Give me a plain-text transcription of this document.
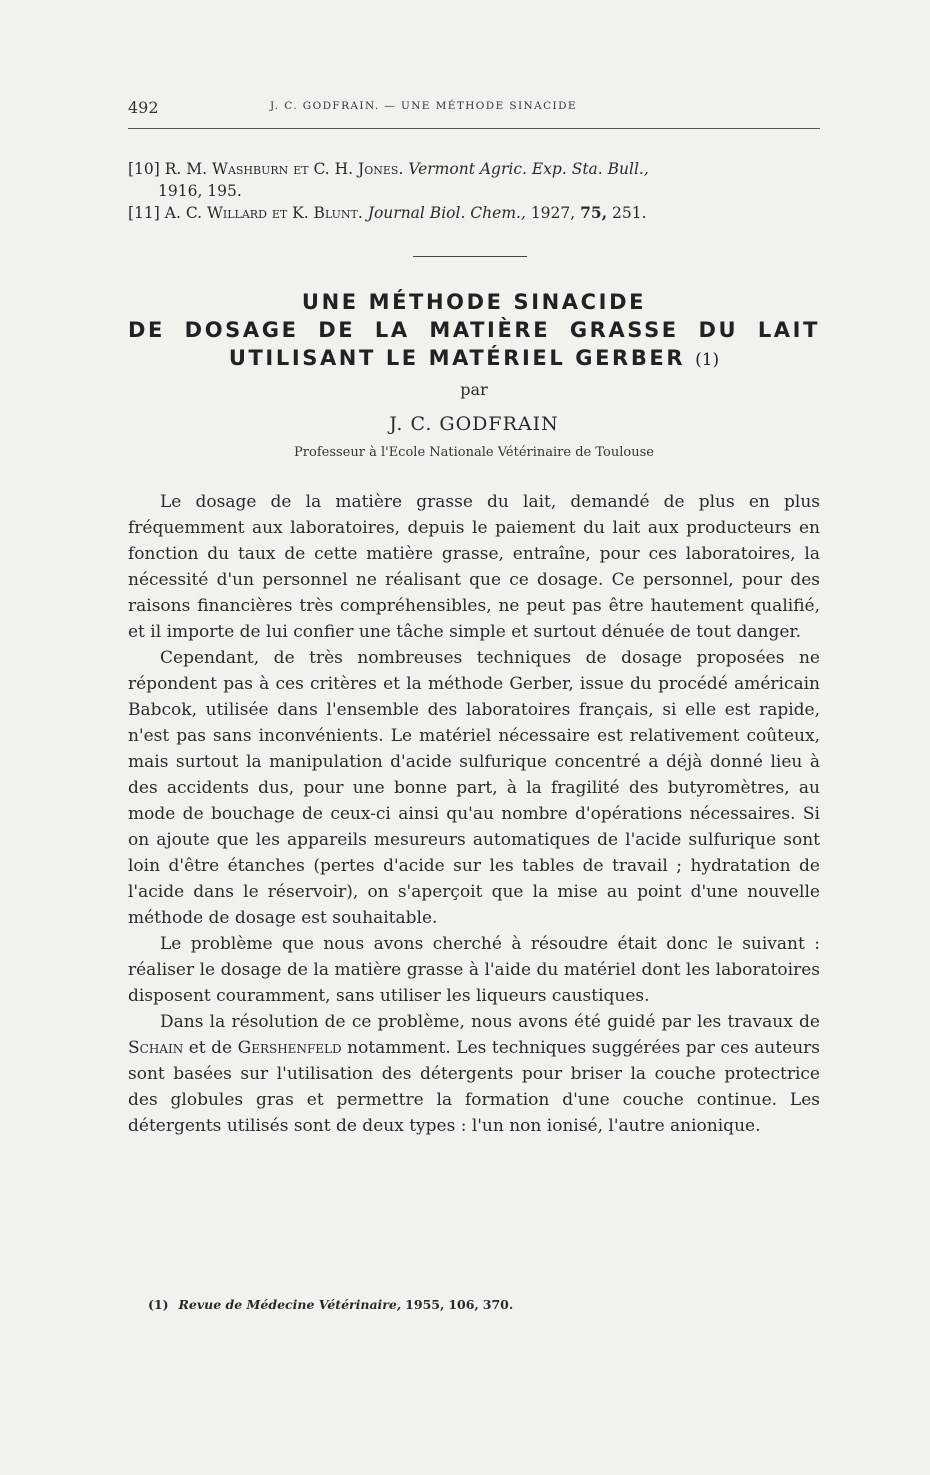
492	J. C. GODFRAIN. — UNE MÉTHODE SINACIDE

[10] R. M. Washburn et C. H. Jones. Vermont Agric. Exp. Sta. Bull.,
1916, 195.

[11] A. C. Willard et K. Blunt. Journal Biol. Chem., 1927, 75, 251.

UNE MÉTHODE SINACIDE
DE DOSAGE DE LA MATIÈRE GRASSE DU LAIT
UTILISANT LE MATÉRIEL GERBER (1)
par
J. C. GODFRAIN
Professeur à l'Ecole Nationale Vétérinaire de Toulouse

Le dosage de la matière grasse du lait, demandé de plus en plus fréquemment aux laboratoires, depuis le paiement du lait aux producteurs en fonction du taux de cette matière grasse, entraîne, pour ces laboratoires, la nécessité d'un personnel ne réalisant que ce dosage. Ce personnel, pour des raisons financières très compréhensibles, ne peut pas être hautement qualifié, et il importe de lui confier une tâche simple et surtout dénuée de tout danger.

Cependant, de très nombreuses techniques de dosage proposées ne répondent pas à ces critères et la méthode Gerber, issue du procédé américain Babcok, utilisée dans l'ensemble des laboratoires français, si elle est rapide, n'est pas sans inconvénients. Le matériel nécessaire est relativement coûteux, mais surtout la manipulation d'acide sulfurique concentré a déjà donné lieu à des accidents dus, pour une bonne part, à la fragilité des butyromètres, au mode de bouchage de ceux-ci ainsi qu'au nombre d'opérations nécessaires. Si on ajoute que les appareils mesureurs automatiques de l'acide sulfurique sont loin d'être étanches (pertes d'acide sur les tables de travail ; hydratation de l'acide dans le réservoir), on s'aperçoit que la mise au point d'une nouvelle méthode de dosage est souhaitable.

Le problème que nous avons cherché à résoudre était donc le suivant : réaliser le dosage de la matière grasse à l'aide du matériel dont les laboratoires disposent couramment, sans utiliser les liqueurs caustiques.

Dans la résolution de ce problème, nous avons été guidé par les travaux de Schain et de Gershenfeld notamment. Les techniques suggérées par ces auteurs sont basées sur l'utilisation des détergents pour briser la couche protectrice des globules gras et permettre la formation d'une couche continue. Les détergents utilisés sont de deux types : l'un non ionisé, l'autre anionique.

(1) Revue de Médecine Vétérinaire, 1955, 106, 370.
